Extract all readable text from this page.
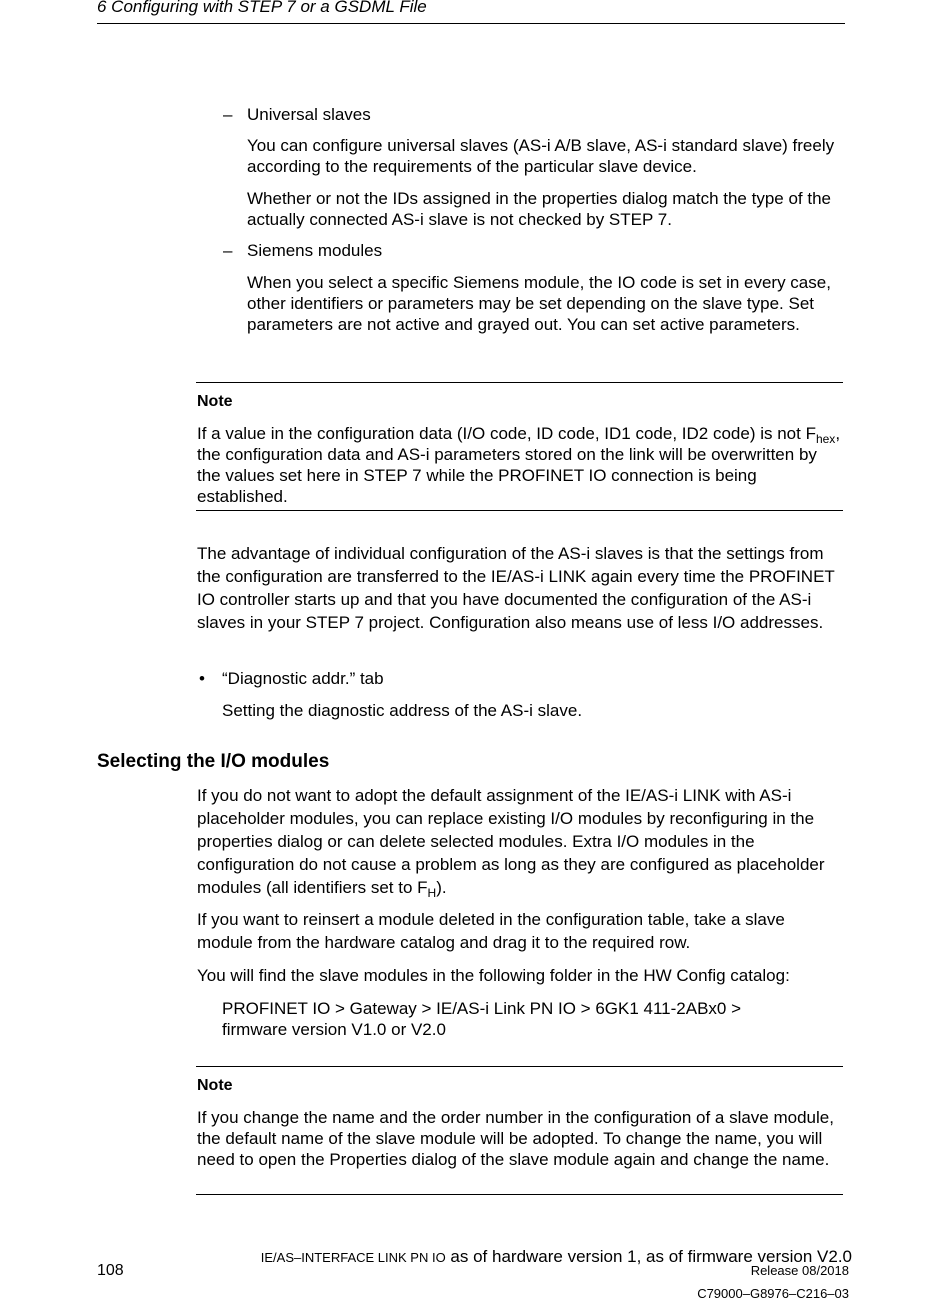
6 Configuring with STEP 7 or a GSDML File
– Universal slaves
You can configure universal slaves (AS-i A/B slave, AS-i standard slave) freely according to the requirements of the particular slave device.
Whether or not the IDs assigned in the properties dialog match the type of the actually connected AS-i slave is not checked by STEP 7.
– Siemens modules
When you select a specific Siemens module, the IO code is set in every case, other identifiers or parameters may be set depending on the slave type. Set parameters are not active and grayed out. You can set active parameters.
Note
If a value in the configuration data (I/O code, ID code, ID1 code, ID2 code) is not $F_{hex}$, the configuration data and AS-i parameters stored on the link will be overwritten by the values set here in STEP 7 while the PROFINET IO connection is being established.
The advantage of individual configuration of the AS-i slaves is that the settings from the configuration are transferred to the IE/AS-i LINK again every time the PROFINET IO controller starts up and that you have documented the configuration of the AS-i slaves in your STEP 7 project. Configuration also means use of less I/O addresses.
• “Diagnostic addr.” tab
Setting the diagnostic address of the AS-i slave.
Selecting the I/O modules
If you do not want to adopt the default assignment of the IE/AS-i LINK with AS-i placeholder modules, you can replace existing I/O modules by reconfiguring in the properties dialog or can delete selected modules. Extra I/O modules in the configuration do not cause a problem as long as they are configured as placeholder modules (all identifiers set to $F_H$).
If you want to reinsert a module deleted in the configuration table, take a slave module from the hardware catalog and drag it to the required row.
You will find the slave modules in the following folder in the HW Config catalog:
PROFINET IO > Gateway > IE/AS-i Link PN IO > 6GK1 411-2ABx0 > firmware version V1.0 or V2.0
Note
If you change the name and the order number in the configuration of a slave module, the default name of the slave module will be adopted. To change the name, you will need to open the Properties dialog of the slave module again and change the name.
108
IE/AS–INTERFACE LINK PN IO as of hardware version 1, as of firmware version V2.0
Release 08/2018
C79000–G8976–C216–03
